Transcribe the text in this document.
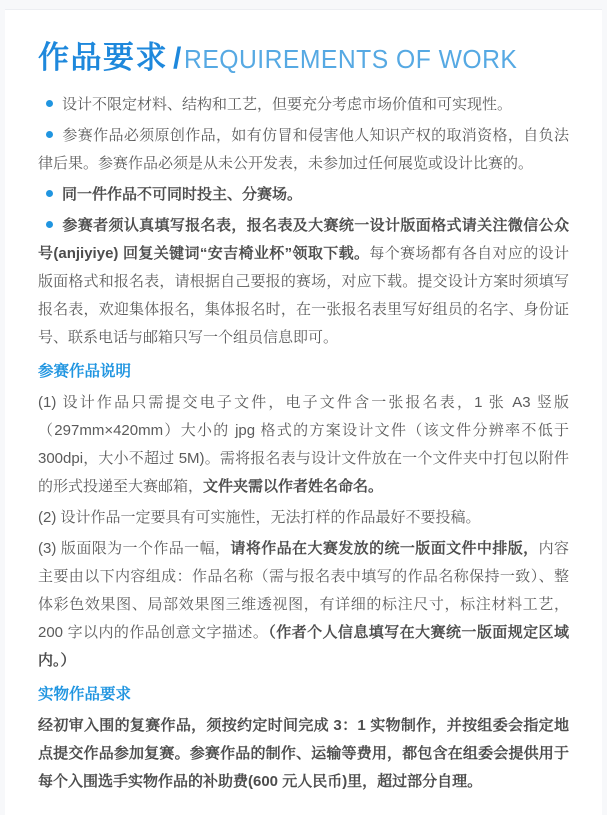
作品要求 / REQUIREMENTS OF WORK

设计不限定材料、结构和工艺，但要充分考虑市场价值和可实现性。

参赛作品必须原创作品，如有仿冒和侵害他人知识产权的取消资格，自负法律后果。参赛作品必须是从未公开发表，未参加过任何展览或设计比赛的。

同一件作品不可同时投主、分赛场。

参赛者须认真填写报名表，报名表及大赛统一设计版面格式请关注微信公众号(anjiyiye) 回复关键词“安吉椅业杯”领取下载。每个赛场都有各自对应的设计版面格式和报名表，请根据自己要报的赛场，对应下载。提交设计方案时须填写报名表，欢迎集体报名，集体报名时，在一张报名表里写好组员的名字、身份证号、联系电话与邮箱只写一个组员信息即可。

参赛作品说明

(1) 设计作品只需提交电子文件，电子文件含一张报名表，1 张 A3 竖版（297mm×420mm）大小的 jpg 格式的方案设计文件（该文件分辨率不低于 300dpi，大小不超过 5M)。需将报名表与设计文件放在一个文件夹中打包以附件的形式投递至大赛邮箱，文件夹需以作者姓名命名。

(2) 设计作品一定要具有可实施性，无法打样的作品最好不要投稿。

(3) 版面限为一个作品一幅，请将作品在大赛发放的统一版面文件中排版，内容主要由以下内容组成：作品名称（需与报名表中填写的作品名称保持一致）、整体彩色效果图、局部效果图三维透视图，有详细的标注尺寸，标注材料工艺，200 字以内的作品创意文字描述。（作者个人信息填写在大赛统一版面规定区域内。）

实物作品要求

经初审入围的复赛作品，须按约定时间完成 3：1 实物制作，并按组委会指定地点提交作品参加复赛。参赛作品的制作、运输等费用，都包含在组委会提供用于每个入围选手实物作品的补助费(600 元人民币)里，超过部分自理。
